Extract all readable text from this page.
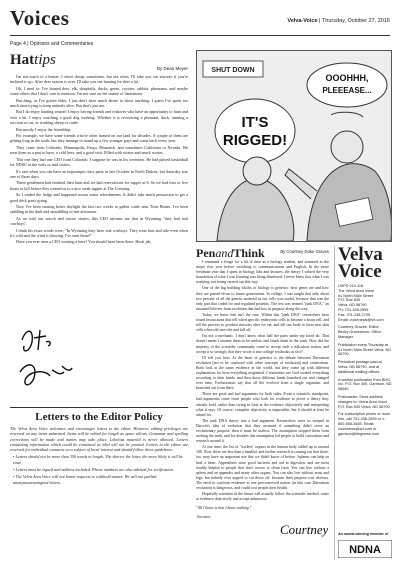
Voices	Velva-Voice | Thursday, October 27, 2016
Page 4 | Opinions and Commentaries
Hattips
By Dean Meyer

I'm not much of a hunter. I shoot cheap, sometimes, but not often. I'll take you out anyway if you're inclined to go. After deer season is over, I'll take you out hunting for deer a lot.

Oh, I used to; I've hunted deer, elk, sharptails, ducks, geese, coyotes, rabbits, pheasants, and maybe some others that I don't care to mention. I'm not sure on the statute of limitations.

But dang, as I've gotten older, I just don't have much desire to shoot anything. I guess I've spent too much time trying to keep animals alive. But that's just me.

But I do enjoy hunting season! I enjoy having friends and relatives who have an opportunity to hunt and visit a bit. I enjoy watching a good dog working. Whether it is recovering a pheasant, duck, running a raccoon or cat, or working sheep or cattle.

But mostly I enjoy the friendship.

For example, we have some friends who're often hunted on our land for decades. A couple of them are getting long in the tooth, but they manage to round up a few younger guys and come back every year.

They come from Colorado, Minneapolis, Fargo, Bismarck, and sometimes California or Nevada. We treat them as a part to have, a cold beer, and a good visit. Filled with stories and snack stories.

This one they had one CEO from Colorado. I suppose he was in his seventies. He had played basketball for NDSU in the early or mid sixties.

It's rare when you can have an impromptu class party in late October in North Dakota, but Saturday was one of those days.

These gentlemen had finished their hunt and we had reservations for supper at 6. So we had four or five hours to kill before they treated us to a nice steak supper at The Crossing.

So I raided the fridge and happened across some refreshments. It didn't take much persuasion to get a good deck party going.

Now I've been starting better daylight the last two weeks to gather cattle near Twin Buttes. I've been saddling in the dark and unsaddling in late afternoon.

As we told our search and rescue stories, this CEO informs me that in Wyoming "they had real cowboys".

I think his exact words were, "In Wyoming they have real cowboys. They wear hats and ride even when it's cold and the wind is blowing. I've seen those!"

Have you ever seen a CEO wearing a beer? You should have been there. Hook jab.

Letters to the Editor Policy
The Velva Area Voice welcomes and encourages letters to the editor. However, editing privileges are reserved on any items submitted. Items will be edited for length as space allows. Grammar and spelling corrections will be made and names may take place. Libelous material is never allowed. Letters containing information which could be construed as libel will not be printed. Letters to the editor are reserved for individual comment on a subject of local interest and should follow these guidelines:
• Letters should not be more than 350 words in length. The shorter the letter, the more likely it will be read.
• Letters must be signed and address included. Phone numbers are also advised for verification.
• The Velva Area Voice will not honor requests to withhold names. We will not publish anonymous/unsigned letters.
SHUT DOWN
IT'S
RIGGED!
OOOHHH,
PLEEEASE...
PenandThink	By Courtney Duke Graves

I remained a fringe for a bit of time as a biology student, and assumed as the major first year before switching to communications and English. In the more freshman year that I spent in biology labs and lectures, the theory I valued the very foundation of what I was learning was being dismissed. I never knew that what I was studying was being carried out this way.

One of the big building blocks of biology is genetics: how genes are and how they are passed down to future generations. In college, I was taught that only about two percent of all the genetic material in our cells was useful, because that was the only part that coded for and regulated proteins. The rest was termed "junk DNA," an assumed leftover from evolution that had lost its purpose along the way.

Today, we know that isn't the case. Within this "junk DNA" researchers have found instructions that tell when specific embryonic cells to become a brain cell, and tell the process so produce muscles after we eat, and tell our body to form new skin cells when old ones die and fall off.

I'm not a mechanic. I don't know what half the parts under my hood do. That doesn't mean I assume them to be useless and chuck them in the trash. How did the majority of the scientific community come to accept such a ridiculous notion, and accept it so strongly that they wrote it into college textbooks as fact?

I'll tell you how. At the heart of genetics is the debate between Darwinian evolution (not to be confused with other concepts of evolution) and creationism. Both look at the same evidence in the world, but they come up with different explanations for how everything originated. Creationists see God created everything according to their kinds, and then those different kinds branched out and changed over time. Evolutionists say that all life evolved from a single organism, and branched out from there.

These are good and bad arguments for both sides. From a scientific standpoint, bad arguments come from people who look for evidence to prove a theory they already hold, rather than trying to look at the evidence objectively and interpreting what it says. Of course, complete objectivity is impossible, but it should at least be aimed for.

The junk DNA theory was a bad argument. Researchers were so steeped in Darwin's idea of evolution that they assumed if something didn't serve an evolutionary purpose, then it must be useless. The assumption stopped them from seeking the truth, and for decades this assumption led people to build curriculum and research around it.

At one time, the list of "useless" organs in the human body added up to around 100. Now, there are less than a handful, and further research is coming out that those, too, may have an important use that we didn't know of before. Spleens can help us heal a heart. Appendixes store good bacteria and aid in digestion, and are most readily helpful to people that don't access to clean food. You can live without a spleen and an appendix and many other organs. You can also live without arms and legs, but nobody ever argued to cut those off, because their purpose was obvious. The need to conform evidence to one preconceived notion (in this case Darwinian evolution) is dangerous, and could cost people their health.

Hopefully scientists in the future will actually follow the scientific method, come at evidence objectively and accept unknowns.

"All I know is that I know nothing."
-Socrates
Courtney
Velva
Voice

USPS 019-116
The Velva Area Voice
#1 North Main Street
P.O. Box 630
Velva, ND 58790
Ph: 701-338-2599
Fax: 701-338-2705
Email: voicenews@srt.com

Courtney Graves, Editor
Becky Gravestrom, Office Manager

Publication every Thursday at #1 North Main Street Velva, ND 58790.

Periodical postage paid at Velva, ND 58790, and at additional mailing offices.

A weekly publication from BHG, Inc. P.O. Box 309, Garrison, ND 58540

Postmaster: Send address changes to: Velva Area Voice P.O. Box 630 Velva, ND 58790

For subscription prices or more info, call 701-338-2599 or 1-800-658-3485. Email: voicenews@srt.com or garrison@bhgnews.com

An award-winning member of
NDNA
